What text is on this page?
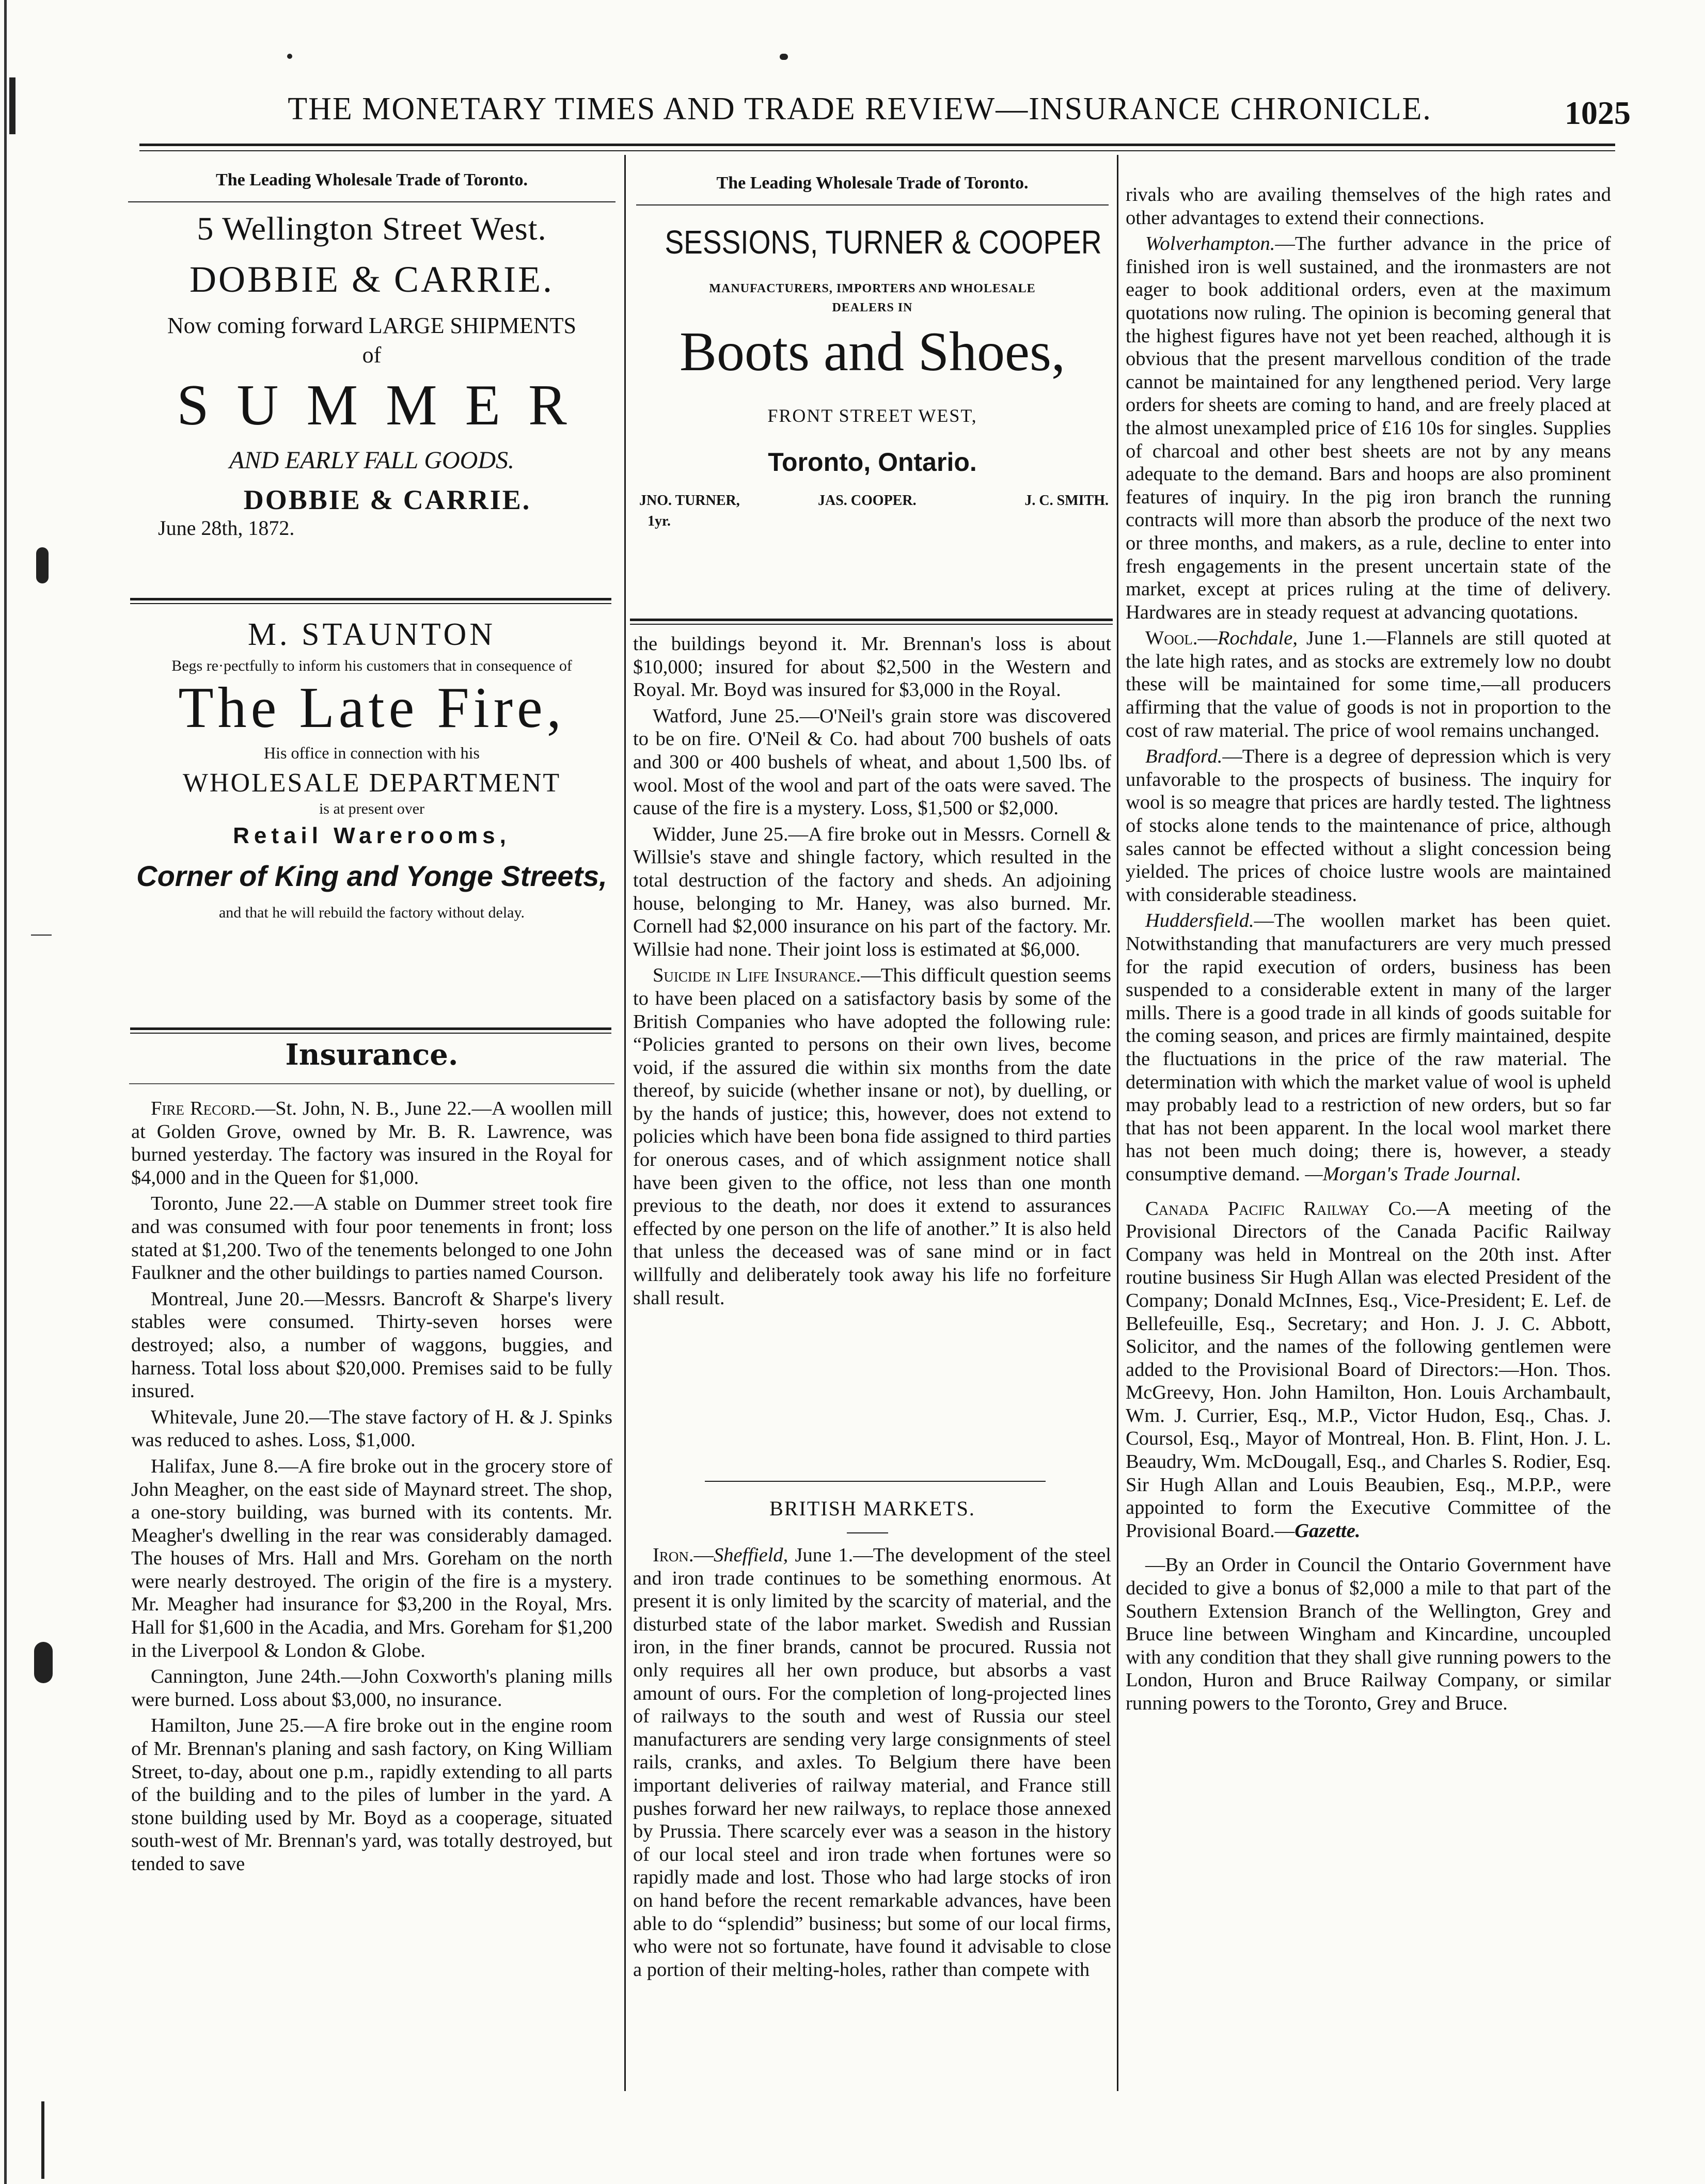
THE MONETARY TIMES AND TRADE REVIEW—INSURANCE CHRONICLE.	1025
The Leading Wholesale Trade of Toronto.
5 Wellington Street West.
DOBBIE & CARRIE.
Now coming forward LARGE SHIPMENTS
of
SUMMER
AND EARLY FALL GOODS.
DOBBIE & CARRIE.
June 28th, 1872.
M. STAUNTON
Begs re·pectfully to inform his customers that in consequence of
The Late Fire,
His office in connection with his
WHOLESALE DEPARTMENT
is at present over
Retail Warerooms,
Corner of King and Yonge Streets,
and that he will rebuild the factory without delay.
Insurance.

Fire Record.—St. John, N. B., June 22.—A woollen mill at Golden Grove, owned by Mr. B. R. Lawrence, was burned yesterday. The factory was insured in the Royal for $4,000 and in the Queen for $1,000.

Toronto, June 22.—A stable on Dummer street took fire and was consumed with four poor tenements in front; loss stated at $1,200. Two of the tenements belonged to one John Faulkner and the other buildings to parties named Courson.

Montreal, June 20.—Messrs. Bancroft & Sharpe's livery stables were consumed. Thirty-seven horses were destroyed; also, a number of waggons, buggies, and harness. Total loss about $20,000. Premises said to be fully insured.

Whitevale, June 20.—The stave factory of H. & J. Spinks was reduced to ashes. Loss, $1,000.

Halifax, June 8.—A fire broke out in the grocery store of John Meagher, on the east side of Maynard street. The shop, a one-story building, was burned with its contents. Mr. Meagher's dwelling in the rear was considerably damaged. The houses of Mrs. Hall and Mrs. Goreham on the north were nearly destroyed. The origin of the fire is a mystery. Mr. Meagher had insurance for $3,200 in the Royal, Mrs. Hall for $1,600 in the Acadia, and Mrs. Goreham for $1,200 in the Liverpool & London & Globe.

Cannington, June 24th.—John Coxworth's planing mills were burned. Loss about $3,000, no insurance.

Hamilton, June 25.—A fire broke out in the engine room of Mr. Brennan's planing and sash factory, on King William Street, to-day, about one p.m., rapidly extending to all parts of the building and to the piles of lumber in the yard. A stone building used by Mr. Boyd as a cooperage, situated south-west of Mr. Brennan's yard, was totally destroyed, but tended to save

The Leading Wholesale Trade of Toronto.
SESSIONS, TURNER & COOPER
MANUFACTURERS, IMPORTERS AND WHOLESALE
DEALERS IN
Boots and Shoes,
FRONT STREET WEST,
Toronto, Ontario.
JNO. TURNER,	JAS. COOPER.	J. C. SMITH.
1yr.

the buildings beyond it. Mr. Brennan's loss is about $10,000; insured for about $2,500 in the Western and Royal. Mr. Boyd was insured for $3,000 in the Royal.

Watford, June 25.—O'Neil's grain store was discovered to be on fire. O'Neil & Co. had about 700 bushels of oats and 300 or 400 bushels of wheat, and about 1,500 lbs. of wool. Most of the wool and part of the oats were saved. The cause of the fire is a mystery. Loss, $1,500 or $2,000.

Widder, June 25.—A fire broke out in Messrs. Cornell & Willsie's stave and shingle factory, which resulted in the total destruction of the factory and sheds. An adjoining house, belonging to Mr. Haney, was also burned. Mr. Cornell had $2,000 insurance on his part of the factory. Mr. Willsie had none. Their joint loss is estimated at $6,000.

Suicide in Life Insurance.—This difficult question seems to have been placed on a satisfactory basis by some of the British Companies who have adopted the following rule: “Policies granted to persons on their own lives, become void, if the assured die within six months from the date thereof, by suicide (whether insane or not), by duelling, or by the hands of justice; this, however, does not extend to policies which have been bona fide assigned to third parties for onerous cases, and of which assignment notice shall have been given to the office, not less than one month previous to the death, nor does it extend to assurances effected by one person on the life of another.” It is also held that unless the deceased was of sane mind or in fact willfully and deliberately took away his life no forfeiture shall result.

BRITISH MARKETS.

Iron.—Sheffield, June 1.—The development of the steel and iron trade continues to be something enormous. At present it is only limited by the scarcity of material, and the disturbed state of the labor market. Swedish and Russian iron, in the finer brands, cannot be procured. Russia not only requires all her own produce, but absorbs a vast amount of ours. For the completion of long-projected lines of railways to the south and west of Russia our steel manufacturers are sending very large consignments of steel rails, cranks, and axles. To Belgium there have been important deliveries of railway material, and France still pushes forward her new railways, to replace those annexed by Prussia. There scarcely ever was a season in the history of our local steel and iron trade when fortunes were so rapidly made and lost. Those who had large stocks of iron on hand before the recent remarkable advances, have been able to do “splendid” business; but some of our local firms, who were not so fortunate, have found it advisable to close a portion of their melting-holes, rather than compete with

rivals who are availing themselves of the high rates and other advantages to extend their connections.

Wolverhampton.—The further advance in the price of finished iron is well sustained, and the ironmasters are not eager to book additional orders, even at the maximum quotations now ruling. The opinion is becoming general that the highest figures have not yet been reached, although it is obvious that the present marvellous condition of the trade cannot be maintained for any lengthened period. Very large orders for sheets are coming to hand, and are freely placed at the almost unexampled price of £16 10s for singles. Supplies of charcoal and other best sheets are not by any means adequate to the demand. Bars and hoops are also prominent features of inquiry. In the pig iron branch the running contracts will more than absorb the produce of the next two or three months, and makers, as a rule, decline to enter into fresh engagements in the present uncertain state of the market, except at prices ruling at the time of delivery. Hardwares are in steady request at advancing quotations.

Wool.—Rochdale, June 1.—Flannels are still quoted at the late high rates, and as stocks are extremely low no doubt these will be maintained for some time,—all producers affirming that the value of goods is not in proportion to the cost of raw material. The price of wool remains unchanged.

Bradford.—There is a degree of depression which is very unfavorable to the prospects of business. The inquiry for wool is so meagre that prices are hardly tested. The lightness of stocks alone tends to the maintenance of price, although sales cannot be effected without a slight concession being yielded. The prices of choice lustre wools are maintained with considerable steadiness.

Huddersfield.—The woollen market has been quiet. Notwithstanding that manufacturers are very much pressed for the rapid execution of orders, business has been suspended to a considerable extent in many of the larger mills. There is a good trade in all kinds of goods suitable for the coming season, and prices are firmly maintained, despite the fluctuations in the price of the raw material. The determination with which the market value of wool is upheld may probably lead to a restriction of new orders, but so far that has not been apparent. In the local wool market there has not been much doing; there is, however, a steady consumptive demand. —Morgan's Trade Journal.

Canada Pacific Railway Co.—A meeting of the Provisional Directors of the Canada Pacific Railway Company was held in Montreal on the 20th inst. After routine business Sir Hugh Allan was elected President of the Company; Donald McInnes, Esq., Vice-President; E. Lef. de Bellefeuille, Esq., Secretary; and Hon. J. J. C. Abbott, Solicitor, and the names of the following gentlemen were added to the Provisional Board of Directors:—Hon. Thos. McGreevy, Hon. John Hamilton, Hon. Louis Archambault, Wm. J. Currier, Esq., M.P., Victor Hudon, Esq., Chas. J. Coursol, Esq., Mayor of Montreal, Hon. B. Flint, Hon. J. L. Beaudry, Wm. McDougall, Esq., and Charles S. Rodier, Esq. Sir Hugh Allan and Louis Beaubien, Esq., M.P.P., were appointed to form the Executive Committee of the Provisional Board.—Gazette.

—By an Order in Council the Ontario Government have decided to give a bonus of $2,000 a mile to that part of the Southern Extension Branch of the Wellington, Grey and Bruce line between Wingham and Kincardine, uncoupled with any condition that they shall give running powers to the London, Huron and Bruce Railway Company, or similar running powers to the Toronto, Grey and Bruce.
